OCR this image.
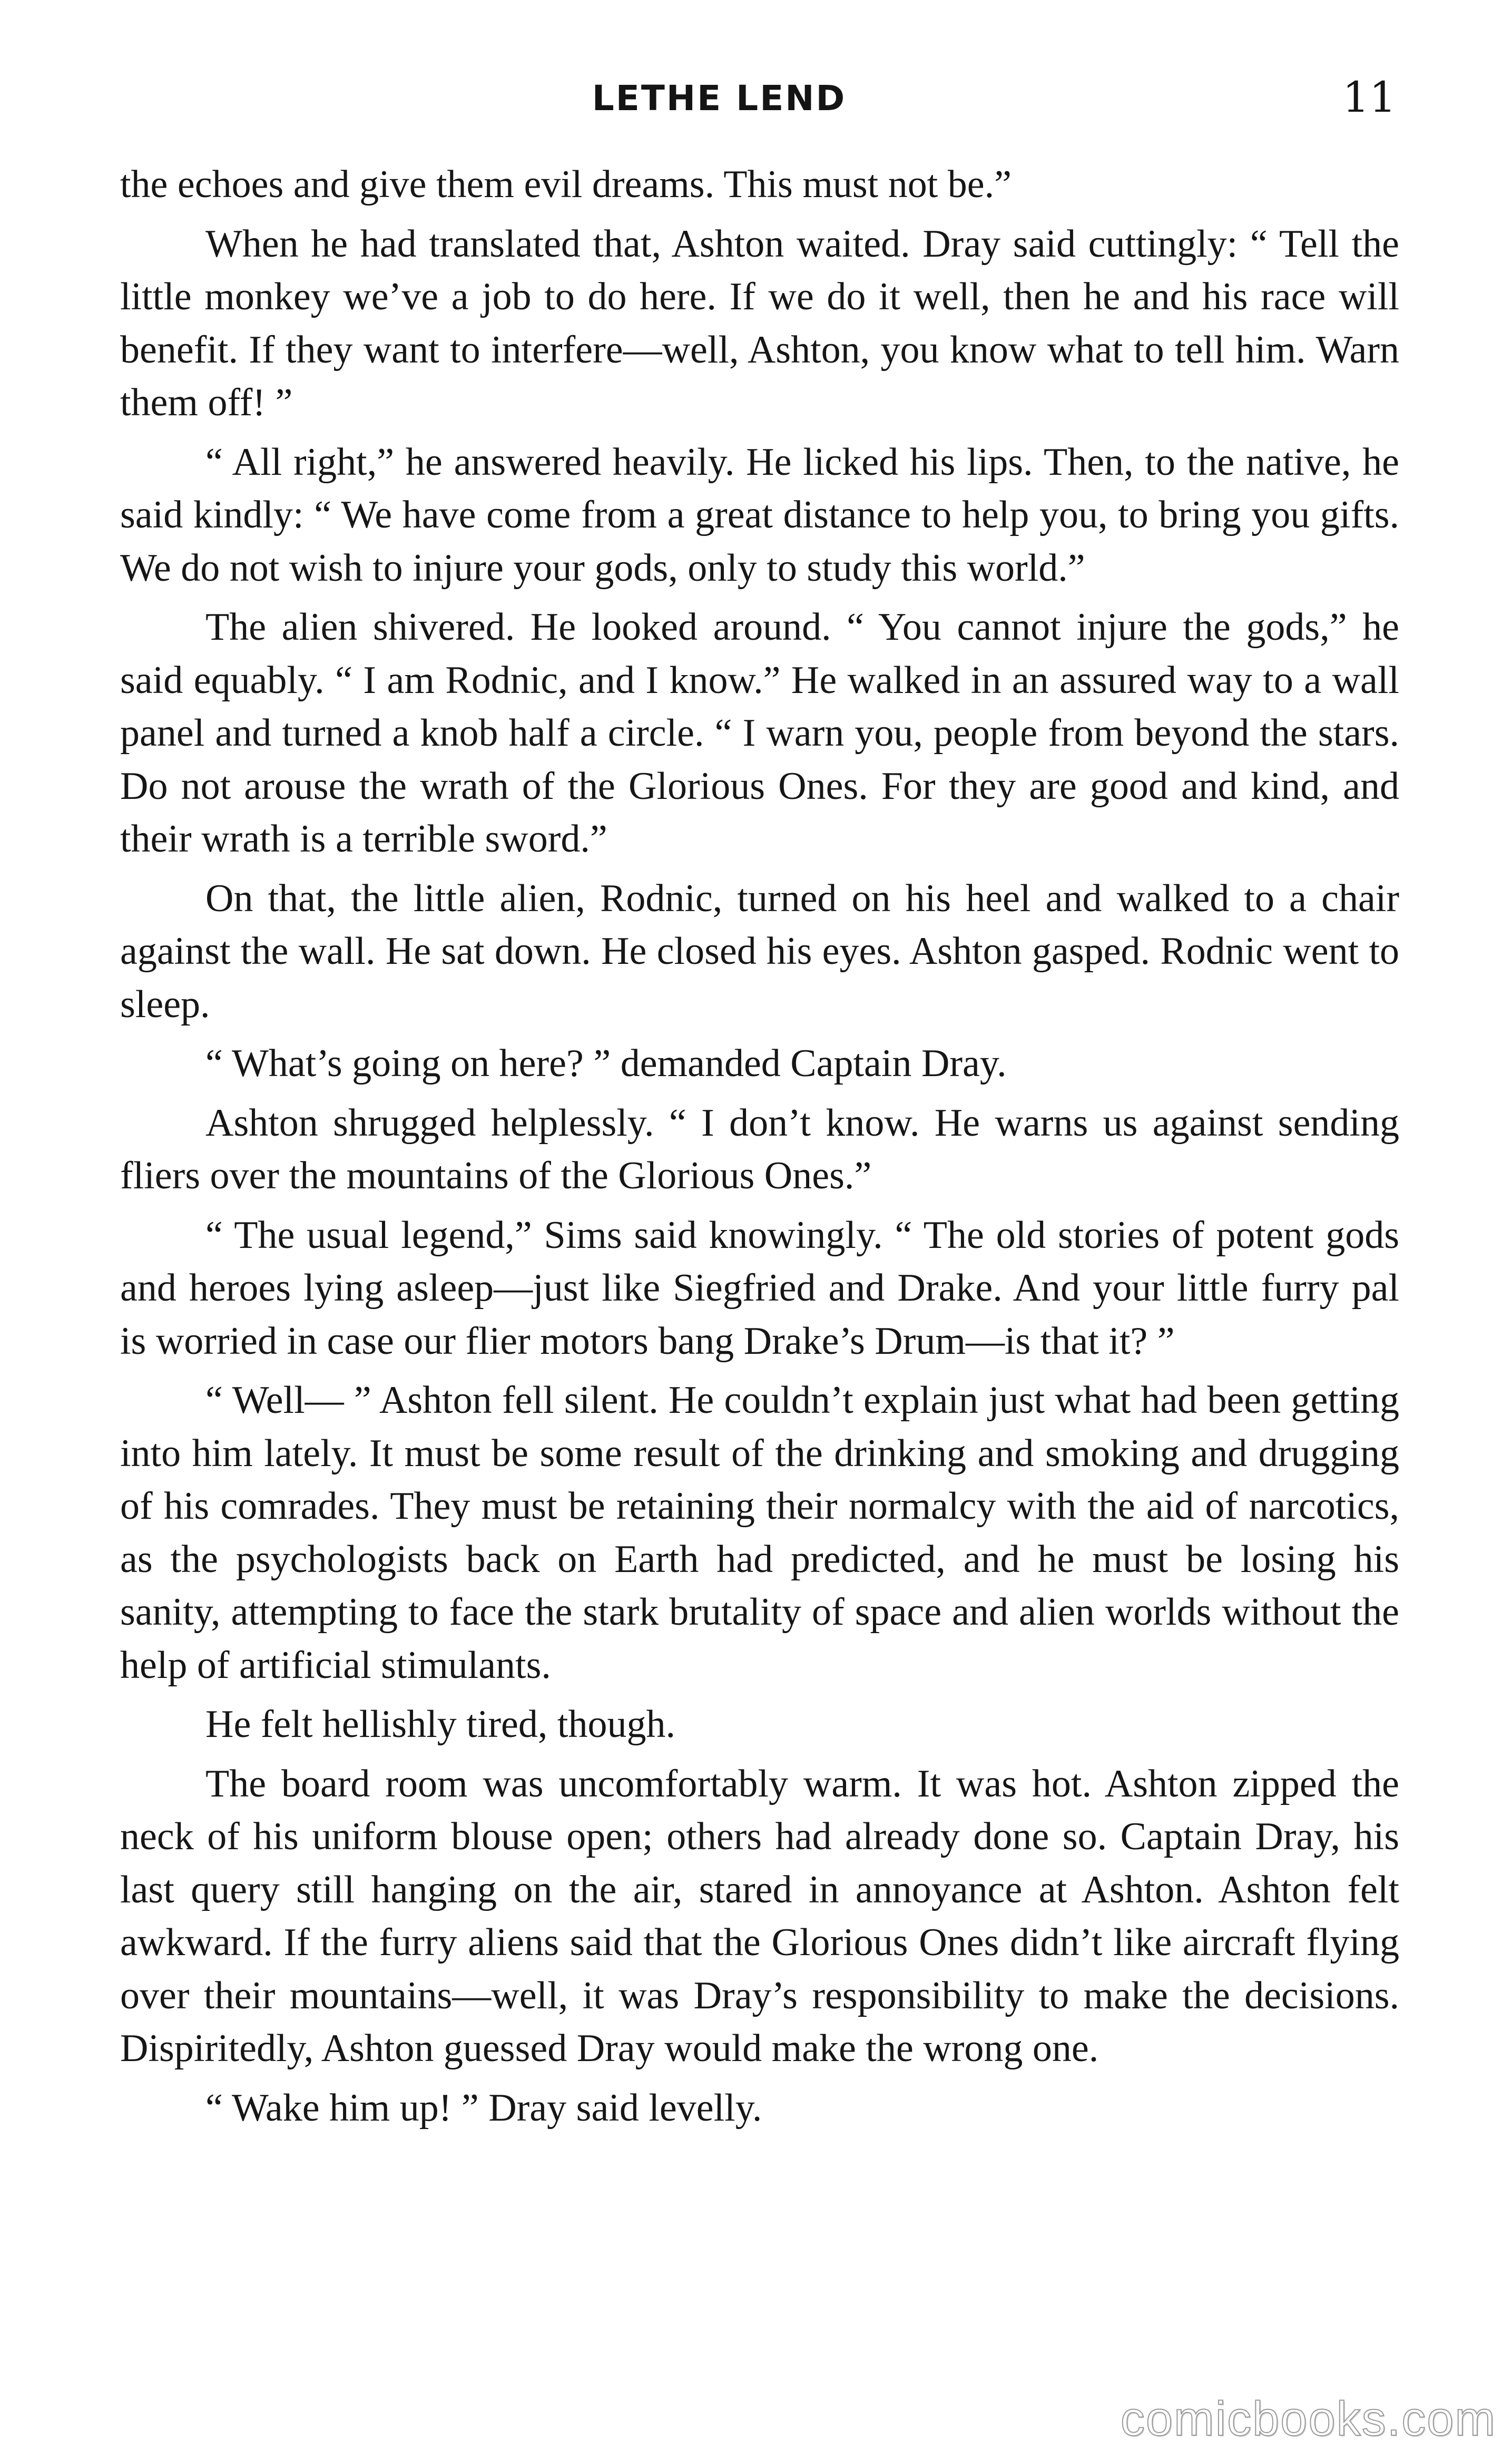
LETHE LEND	11

the echoes and give them evil dreams. This must not be.”

When he had translated that, Ashton waited. Dray said cuttingly: “ Tell the little monkey we’ve a job to do here. If we do it well, then he and his race will benefit. If they want to interfere—well, Ashton, you know what to tell him. Warn them off! ”

“ All right,” he answered heavily. He licked his lips. Then, to the native, he said kindly: “ We have come from a great distance to help you, to bring you gifts. We do not wish to injure your gods, only to study this world.”

The alien shivered. He looked around. “ You cannot injure the gods,” he said equably. “ I am Rodnic, and I know.” He walked in an assured way to a wall panel and turned a knob half a circle. “ I warn you, people from beyond the stars. Do not arouse the wrath of the Glorious Ones. For they are good and kind, and their wrath is a terrible sword.”

On that, the little alien, Rodnic, turned on his heel and walked to a chair against the wall. He sat down. He closed his eyes. Ashton gasped. Rodnic went to sleep.

“ What’s going on here? ” demanded Captain Dray.

Ashton shrugged helplessly. “ I don’t know. He warns us against sending fliers over the mountains of the Glorious Ones.”

“ The usual legend,” Sims said knowingly. “ The old stories of potent gods and heroes lying asleep—just like Siegfried and Drake. And your little furry pal is worried in case our flier motors bang Drake’s Drum—is that it? ”

“ Well— ” Ashton fell silent. He couldn’t explain just what had been getting into him lately. It must be some result of the drinking and smoking and drugging of his comrades. They must be retaining their normalcy with the aid of narcotics, as the psychologists back on Earth had predicted, and he must be losing his sanity, attempting to face the stark brutality of space and alien worlds without the help of artificial stimulants.

He felt hellishly tired, though.

The board room was uncomfortably warm. It was hot. Ashton zipped the neck of his uniform blouse open; others had already done so. Captain Dray, his last query still hanging on the air, stared in annoyance at Ashton. Ashton felt awkward. If the furry aliens said that the Glorious Ones didn’t like aircraft flying over their mountains—well, it was Dray’s responsibility to make the decisions. Dispiritedly, Ashton guessed Dray would make the wrong one.

“ Wake him up! ” Dray said levelly.

comicbooks.com
